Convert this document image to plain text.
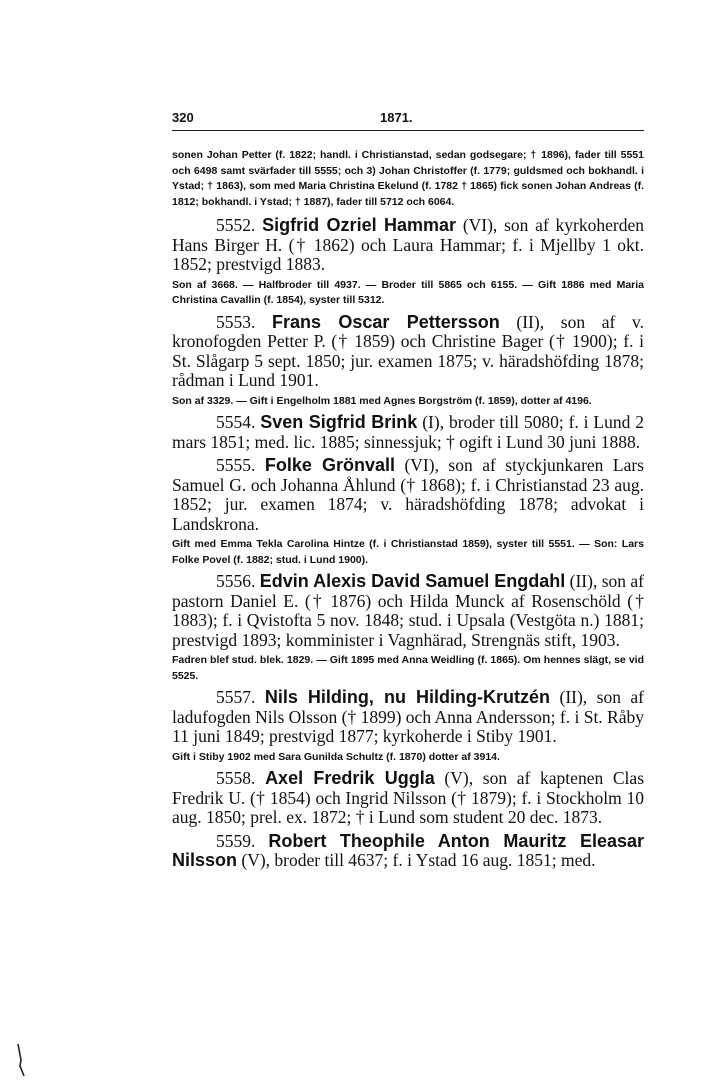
320	1871.

sonen Johan Petter (f. 1822; handl. i Christianstad, sedan godsegare; † 1896), fader till 5551 och 6498 samt svärfader till 5555; och 3) Johan Christoffer (f. 1779; guldsmed och bokhandl. i Ystad; † 1863), som med Maria Christina Ekelund (f. 1782 † 1865) fick sonen Johan Andreas (f. 1812; bokhandl. i Ystad; † 1887), fader till 5712 och 6064.

5552. Sigfrid Ozriel Hammar (VI), son af kyrkoherden Hans Birger H. († 1862) och Laura Hammar; f. i Mjellby 1 okt. 1852; prestvigd 1883.

Son af 3668. — Halfbroder till 4937. — Broder till 5865 och 6155. — Gift 1886 med Maria Christina Cavallin (f. 1854), syster till 5312.

5553. Frans Oscar Pettersson (II), son af v. kronofogden Petter P. († 1859) och Christine Bager († 1900); f. i St. Slågarp 5 sept. 1850; jur. examen 1875; v. häradshöfding 1878; rådman i Lund 1901.

Son af 3329. — Gift i Engelholm 1881 med Agnes Borgström (f. 1859), dotter af 4196.

5554. Sven Sigfrid Brink (I), broder till 5080; f. i Lund 2 mars 1851; med. lic. 1885; sinnessjuk; † ogift i Lund 30 juni 1888.

5555. Folke Grönvall (VI), son af styckjunkaren Lars Samuel G. och Johanna Åhlund († 1868); f. i Christianstad 23 aug. 1852; jur. examen 1874; v. häradshöfding 1878; advokat i Landskrona.

Gift med Emma Tekla Carolina Hintze (f. i Christianstad 1859), syster till 5551. — Son: Lars Folke Povel (f. 1882; stud. i Lund 1900).

5556. Edvin Alexis David Samuel Engdahl (II), son af pastorn Daniel E. († 1876) och Hilda Munck af Rosenschöld († 1883); f. i Qvistofta 5 nov. 1848; stud. i Upsala (Vestgöta n.) 1881; prestvigd 1893; komminister i Vagnhärad, Strengnäs stift, 1903.

Fadren blef stud. blek. 1829. — Gift 1895 med Anna Weidling (f. 1865). Om hennes slägt, se vid 5525.

5557. Nils Hilding, nu Hilding-Krutzén (II), son af ladufogden Nils Olsson († 1899) och Anna Andersson; f. i St. Råby 11 juni 1849; prestvigd 1877; kyrkoherde i Stiby 1901.

Gift i Stiby 1902 med Sara Gunilda Schultz (f. 1870) dotter af 3914.

5558. Axel Fredrik Uggla (V), son af kaptenen Clas Fredrik U. († 1854) och Ingrid Nilsson († 1879); f. i Stockholm 10 aug. 1850; prel. ex. 1872; † i Lund som student 20 dec. 1873.

5559. Robert Theophile Anton Mauritz Eleasar Nilsson (V), broder till 4637; f. i Ystad 16 aug. 1851; med.
